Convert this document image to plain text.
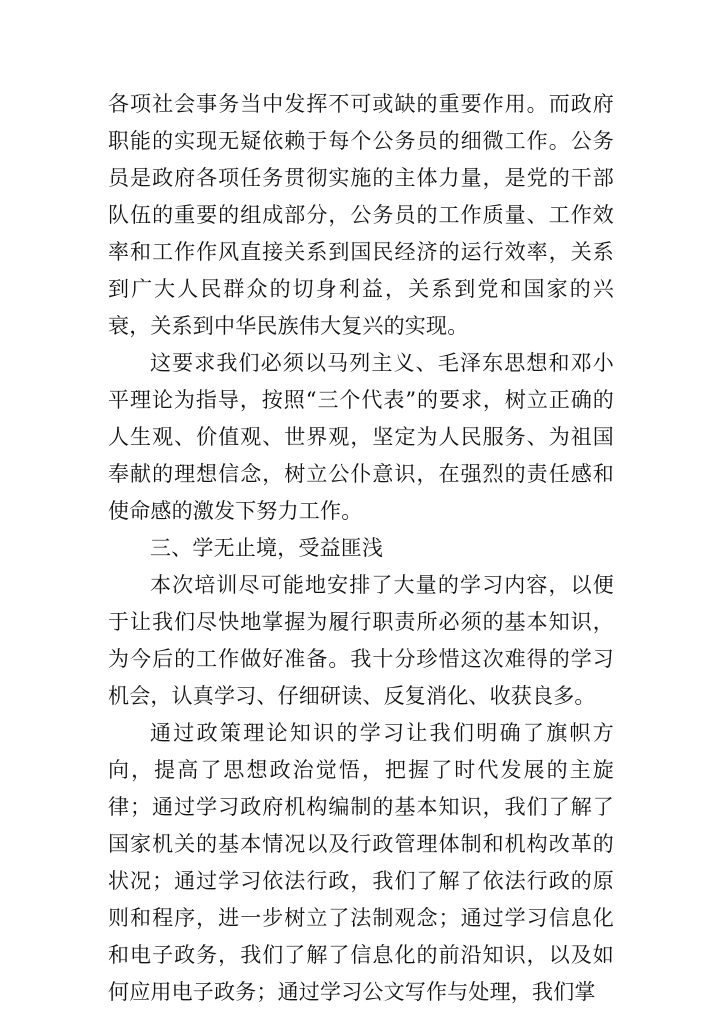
各项社会事务当中发挥不可或缺的重要作用。而政府职能的实现无疑依赖于每个公务员的细微工作。公务员是政府各项任务贯彻实施的主体力量，是党的干部队伍的重要的组成部分，公务员的工作质量、工作效率和工作作风直接关系到国民经济的运行效率，关系到广大人民群众的切身利益，关系到党和国家的兴衰，关系到中华民族伟大复兴的实现。

这要求我们必须以马列主义、毛泽东思想和邓小平理论为指导，按照“三个代表”的要求，树立正确的人生观、价值观、世界观，坚定为人民服务、为祖国奉献的理想信念，树立公仆意识，在强烈的责任感和使命感的激发下努力工作。

三、学无止境，受益匪浅

本次培训尽可能地安排了大量的学习内容，以便于让我们尽快地掌握为履行职责所必须的基本知识，为今后的工作做好准备。我十分珍惜这次难得的学习机会，认真学习、仔细研读、反复消化、收获良多。

通过政策理论知识的学习让我们明确了旗帜方向，提高了思想政治觉悟，把握了时代发展的主旋律；通过学习政府机构编制的基本知识，我们了解了国家机关的基本情况以及行政管理体制和机构改革的状况；通过学习依法行政，我们了解了依法行政的原则和程序，进一步树立了法制观念；通过学习信息化和电子政务，我们了解了信息化的前沿知识，以及如何应用电子政务；通过学习公文写作与处理，我们掌
